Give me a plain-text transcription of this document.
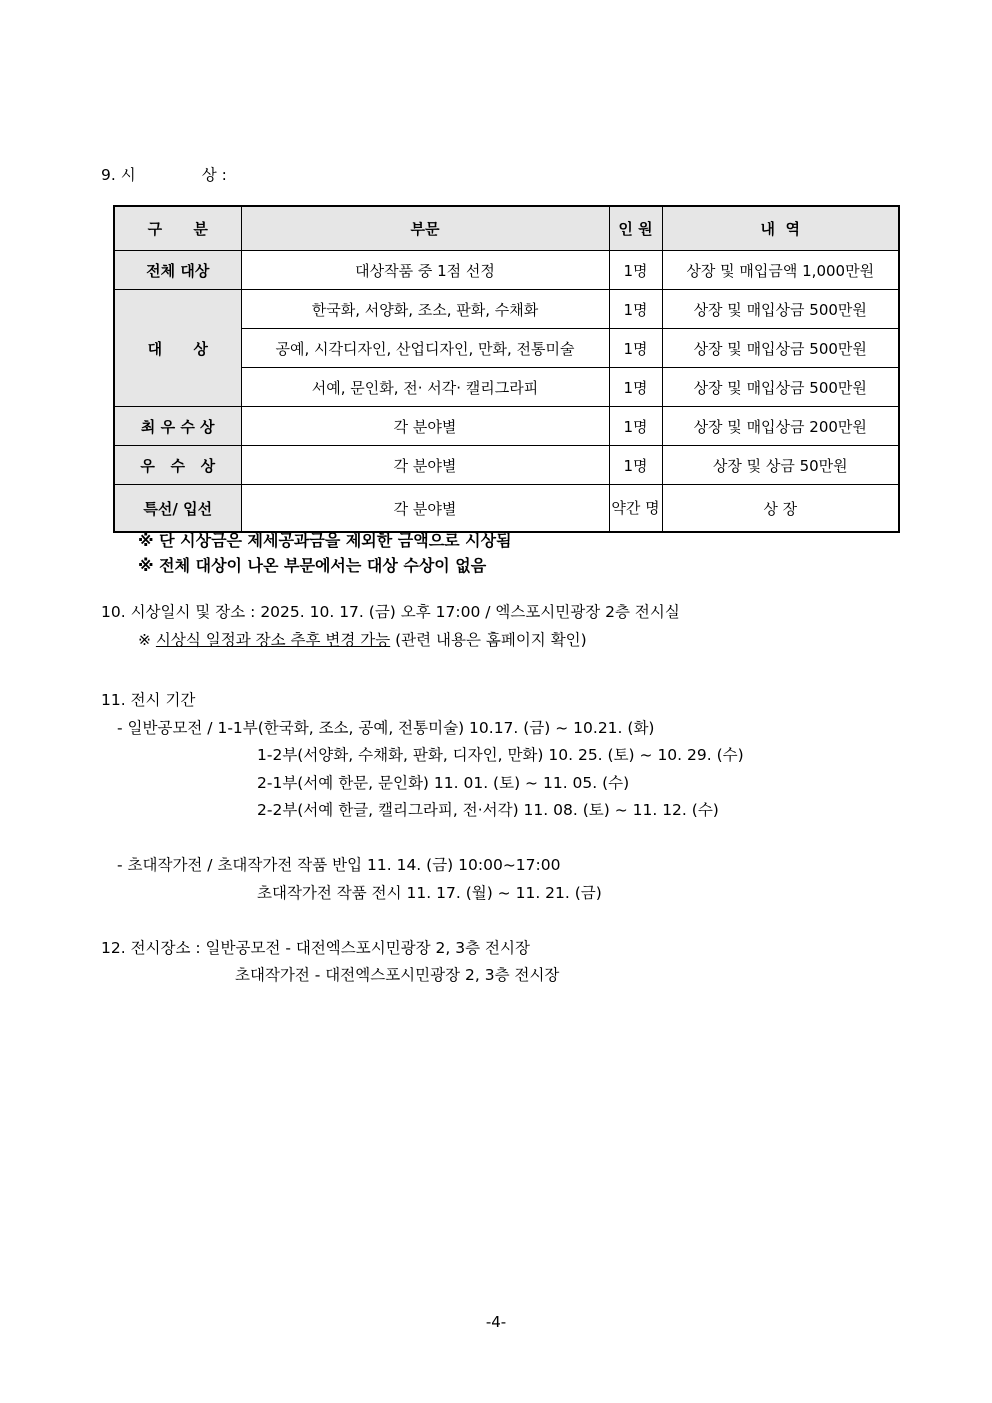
9. 시	상 :
구      분	부문	인 원	내  역
전체 대상	대상작품 중 1점 선정	1명	상장 및 매입금액 1,000만원
대      상	한국화, 서양화, 조소, 판화, 수채화	1명	상장 및 매입상금 500만원
	공예, 시각디자인, 산업디자인, 만화, 전통미술	1명	상장 및 매입상금 500만원
	서예, 문인화, 전· 서각· 캘리그라피	1명	상장 및 매입상금 500만원
최 우 수 상	각 분야별	1명	상장 및 매입상금 200만원
우   수   상	각 분야별	1명	상장 및 상금 50만원
특선/ 입선	각 분야별	약간 명	상 장
※ 단 시상금은 제세공과금을 제외한 금액으로 시상됨
※ 전체 대상이 나온 부문에서는 대상 수상이 없음
10. 시상일시 및 장소 : 2025. 10. 17. (금) 오후 17:00 / 엑스포시민광장 2층 전시실
※ 시상식 일정과 장소 추후 변경 가능 (관련 내용은 홈페이지 확인)
11. 전시 기간
- 일반공모전 / 1-1부(한국화, 조소, 공예, 전통미술) 10.17. (금) ~ 10.21. (화)
1-2부(서양화, 수채화, 판화, 디자인, 만화) 10. 25. (토) ~ 10. 29. (수)
2-1부(서예 한문, 문인화) 11. 01. (토) ~ 11. 05. (수)
2-2부(서예 한글, 캘리그라피, 전·서각) 11. 08. (토) ~ 11. 12. (수)
- 초대작가전 / 초대작가전 작품 반입 11. 14. (금) 10:00~17:00
초대작가전 작품 전시 11. 17. (월) ~ 11. 21. (금)
12. 전시장소 : 일반공모전 - 대전엑스포시민광장 2, 3층 전시장
초대작가전 - 대전엑스포시민광장 2, 3층 전시장
-4-
